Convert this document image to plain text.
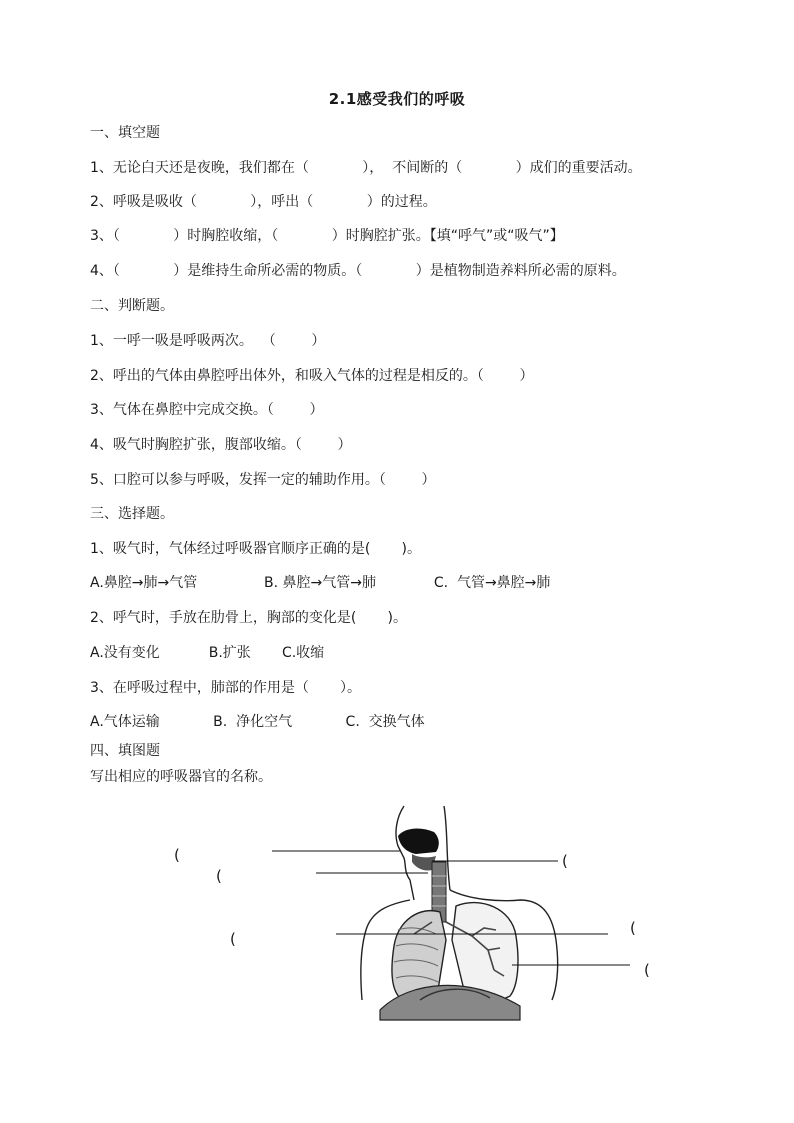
2.1感受我们的呼吸
一、填空题
1、无论白天还是夜晚，我们都在（            ），  不间断的（            ）成们的重要活动。
2、呼吸是吸收（            ），呼出（            ）的过程。
3、（            ）时胸腔收缩，（            ）时胸腔扩张。【填“呼气”或“吸气”】
4、（            ）是维持生命所必需的物质。（            ）是植物制造养料所必需的原料。
二、判断题。
1、一呼一吸是呼吸两次。  （        ）
2、呼出的气体由鼻腔呼出体外，和吸入气体的过程是相反的。（        ）
3、气体在鼻腔中完成交换。（        ）
4、吸气时胸腔扩张，腹部收缩。（        ）
5、口腔可以参与呼吸，发挥一定的辅助作用。（        ）
三、选择题。
1、吸气时，气体经过呼吸器官顺序正确的是(       )。
A.鼻腔→肺→气管               B. 鼻腔→气管→肺             C.  气管→鼻腔→肺
2、呼气时，手放在肋骨上，胸部的变化是(       )。
A.没有变化           B.扩张       C.收缩
3、在呼吸过程中，肺部的作用是（       ）。
A.气体运输            B.  净化空气            C.  交换气体
四、填图题
写出相应的呼吸器官的名称。
(
(
(
(
(
(
